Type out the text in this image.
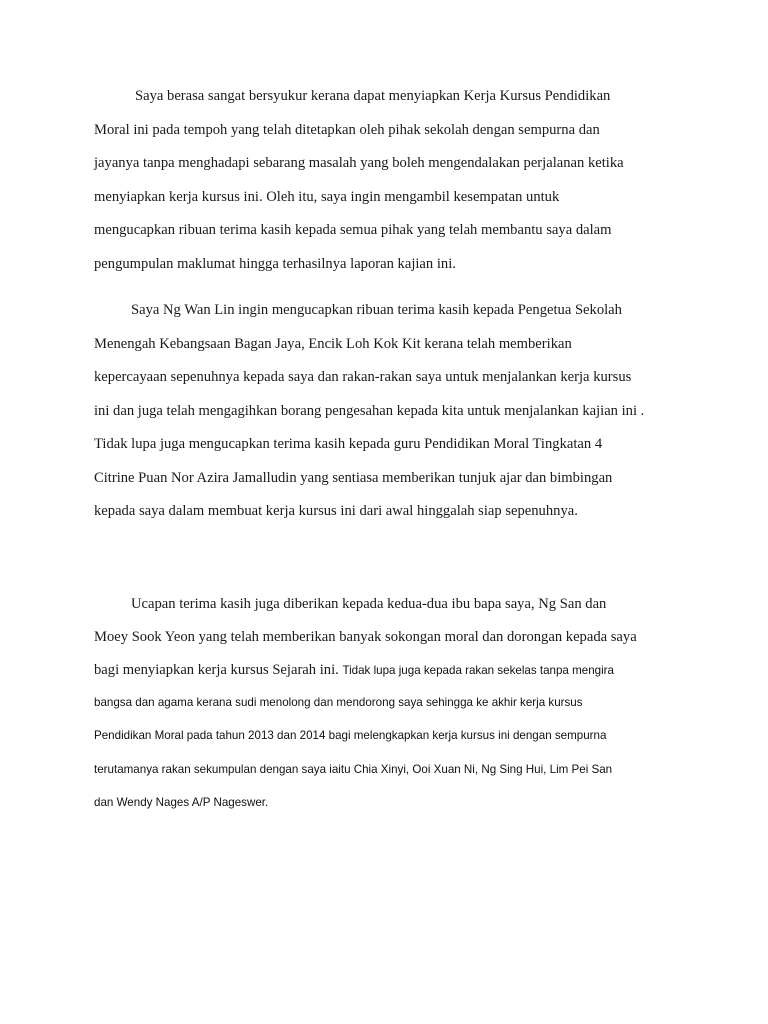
Saya berasa sangat bersyukur kerana dapat menyiapkan Kerja Kursus Pendidikan
Moral ini pada tempoh yang telah ditetapkan oleh pihak sekolah dengan sempurna dan
jayanya tanpa menghadapi sebarang masalah yang boleh mengendalakan perjalanan ketika
menyiapkan kerja kursus ini. Oleh itu, saya ingin mengambil kesempatan untuk
mengucapkan ribuan terima kasih kepada semua pihak yang telah membantu saya dalam
pengumpulan maklumat hingga terhasilnya laporan kajian ini.
Saya Ng Wan Lin ingin mengucapkan ribuan terima kasih kepada Pengetua Sekolah
Menengah Kebangsaan Bagan Jaya, Encik Loh Kok Kit kerana telah memberikan
kepercayaan sepenuhnya kepada saya dan rakan-rakan saya untuk menjalankan kerja kursus
ini dan juga telah mengagihkan borang pengesahan kepada kita untuk menjalankan kajian ini .
Tidak lupa juga mengucapkan terima kasih kepada guru Pendidikan Moral Tingkatan 4
Citrine Puan Nor Azira Jamalludin yang sentiasa memberikan tunjuk ajar dan bimbingan
kepada saya dalam membuat kerja kursus ini dari awal hinggalah siap sepenuhnya.
Ucapan terima kasih juga diberikan kepada kedua-dua ibu bapa saya, Ng San dan
Moey Sook Yeon yang telah memberikan banyak sokongan moral dan dorongan kepada saya
bagi menyiapkan kerja kursus Sejarah ini. Tidak lupa juga kepada rakan sekelas tanpa mengira
bangsa dan agama kerana sudi menolong dan mendorong saya sehingga ke akhir kerja kursus
Pendidikan Moral pada tahun 2013 dan 2014 bagi melengkapkan kerja kursus ini dengan sempurna
terutamanya rakan sekumpulan dengan saya iaitu Chia Xinyi, Ooi Xuan Ni, Ng Sing Hui, Lim Pei San
dan Wendy Nages A/P Nageswer.
